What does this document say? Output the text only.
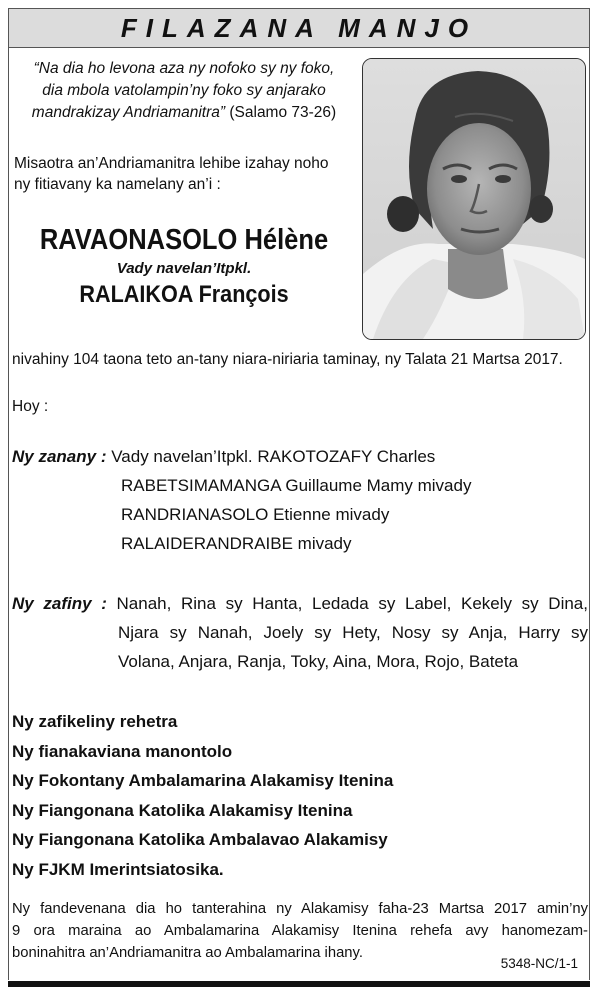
FILAZANA MANJO
“Na dia ho levona aza ny nofoko sy ny foko,
dia mbola vatolampin’ny foko sy anjarako
mandrakizay Andriamanitra” (Salamo 73-26)
Misaotra an’Andriamanitra lehibe izahay noho
ny fitiavany ka namelany an’i :
RAVAONASOLO Hélène
Vady navelan’Itpkl.
RALAIKOA François
nivahiny 104 taona teto an-tany niara-niriaria taminay, ny Talata 21 Martsa 2017.
Hoy :
Ny zanany : Vady navelan’Itpkl. RAKOTOZAFY Charles
RABETSIMAMANGA Guillaume Mamy mivady
RANDRIANASOLO Etienne mivady
RALAIDERANDRAIBE mivady
Ny zafiny : Nanah, Rina sy Hanta, Ledada sy Label, Kekely sy Dina,
Njara sy Nanah, Joely sy Hety, Nosy sy Anja, Harry sy
Volana, Anjara, Ranja, Toky, Aina, Mora, Rojo, Bateta
Ny zafikeliny rehetra
Ny fianakaviana manontolo
Ny Fokontany Ambalamarina Alakamisy Itenina
Ny Fiangonana Katolika Alakamisy Itenina
Ny Fiangonana Katolika Ambalavao Alakamisy
Ny FJKM Imerintsiatosika.
Ny fandevenana dia ho tanterahina ny Alakamisy faha-23 Martsa 2017 amin’ny
9 ora maraina ao Ambalamarina Alakamisy Itenina rehefa avy hanomezam-
boninahitra an’Andriamanitra ao Ambalamarina ihany.
5348-NC/1-1
